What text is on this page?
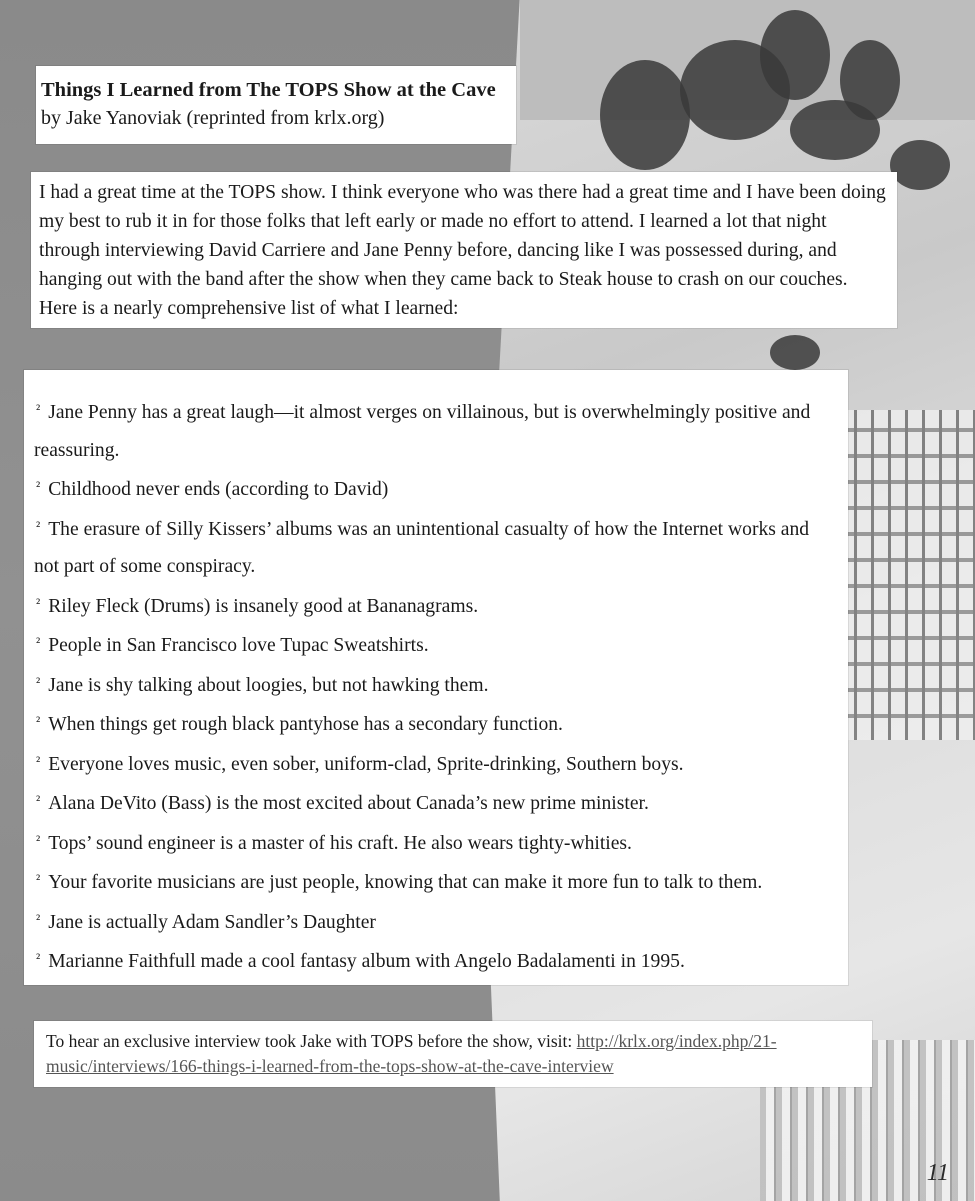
Things I Learned from The TOPS Show at the Cave
by Jake Yanoviak (reprinted from krlx.org)

I had a great time at the TOPS show. I think everyone who was there had a great time and I have been doing my best to rub it in for those folks that left early or made no effort to attend. I learned a lot that night through interviewing David Carriere and Jane Penny before, dancing like I was possessed during, and hanging out with the band after the show when they came back to Steak house to crash on our couches. Here is a nearly comprehensive list of what I learned:

$^{^2}$ Jane Penny has a great laugh—it almost verges on villainous, but is overwhelmingly positive and reassuring.
$^{^2}$ Childhood never ends (according to David)
$^{^2}$ The erasure of Silly Kissers’ albums was an unintentional casualty of how the Internet works and not part of some conspiracy.
$^{^2}$ Riley Fleck (Drums) is insanely good at Bananagrams.
$^{^2}$ People in San Francisco love Tupac Sweatshirts.
$^{^2}$ Jane is shy talking about loogies, but not hawking them.
$^{^2}$ When things get rough black pantyhose has a secondary function.
$^{^2}$ Everyone loves music, even sober, uniform-clad, Sprite-drinking, Southern boys.
$^{^2}$ Alana DeVito (Bass) is the most excited about Canada’s new prime minister.
$^{^2}$ Tops’ sound engineer is a master of his craft. He also wears tighty-whities.
$^{^2}$ Your favorite musicians are just people, knowing that can make it more fun to talk to them.
$^{^2}$ Jane is actually Adam Sandler’s Daughter
$^{^2}$ Marianne Faithfull made a cool fantasy album with Angelo Badalamenti in 1995.
To hear an exclusive interview took Jake with TOPS before the show, visit: http://krlx.org/index.php/21-music/interviews/166-things-i-learned-from-the-tops-show-at-the-cave-interview
11
